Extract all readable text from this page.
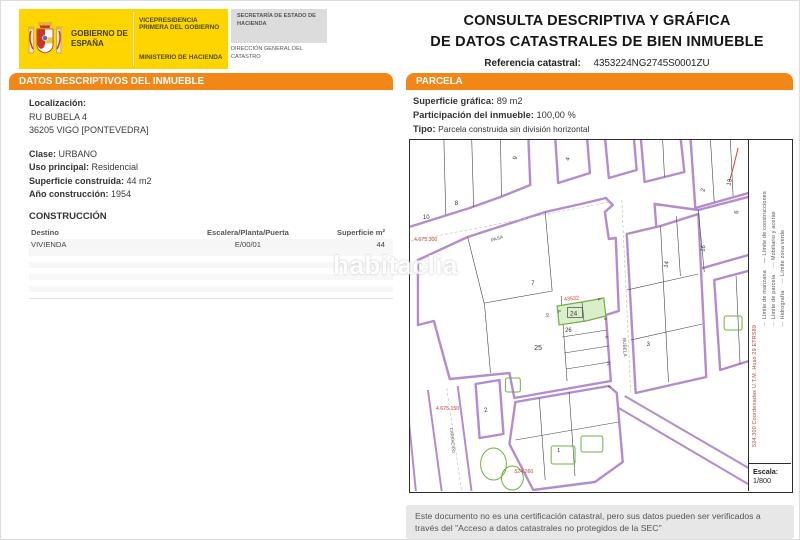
GOBIERNO DE ESPAÑA
VICEPRESIDENCIA PRIMERA DEL GOBIERNO
MINISTERIO DE HACIENDA
SECRETARÍA DE ESTADO DE HACIENDA
DIRECCIÓN GENERAL DEL CATASTRO
CONSULTA DESCRIPTIVA Y GRÁFICA
DE DATOS CATASTRALES DE BIEN INMUEBLE
Referencia catastral: 4353224NG2745S0001ZU
DATOS DESCRIPTIVOS DEL INMUEBLE	PARCELA
Localización:
RU BUBELA 4
36205 VIGO [PONTEVEDRA]
Clase: URBANO
Uso principal: Residencial
Superficie construida: 44 m2
Año construcción: 1954
CONSTRUCCIÓN
Destino	Escalera/Planta/Puerta	Superficie m²
VIVIENDA	E/00/01	44
habitaclia
Superficie gráfica: 89 m2
Participación del inmueble: 100,00 %
Tipo: Parcela construida sin división horizontal
10
8
9	4
2
13
6
16
14
7
25
26
24
3
2
1
10
8
6
12
4
P
P
PASA
BUBELA
CARRACIDO
4.675.300
4.675.150
524.260
43532
524.300 Coordenadas U.T.M. Huso 29 ETRS89
— Límite de manzana— Límite de construcciones
— Límite de parcela— Mobiliario y aceras
— Hidrografía— Límite zona verde
Escala:
1/800
Este documento no es una certificación catastral, pero sus datos pueden ser verificados a través del "Acceso a datos catastrales no protegidos de la SEC"
